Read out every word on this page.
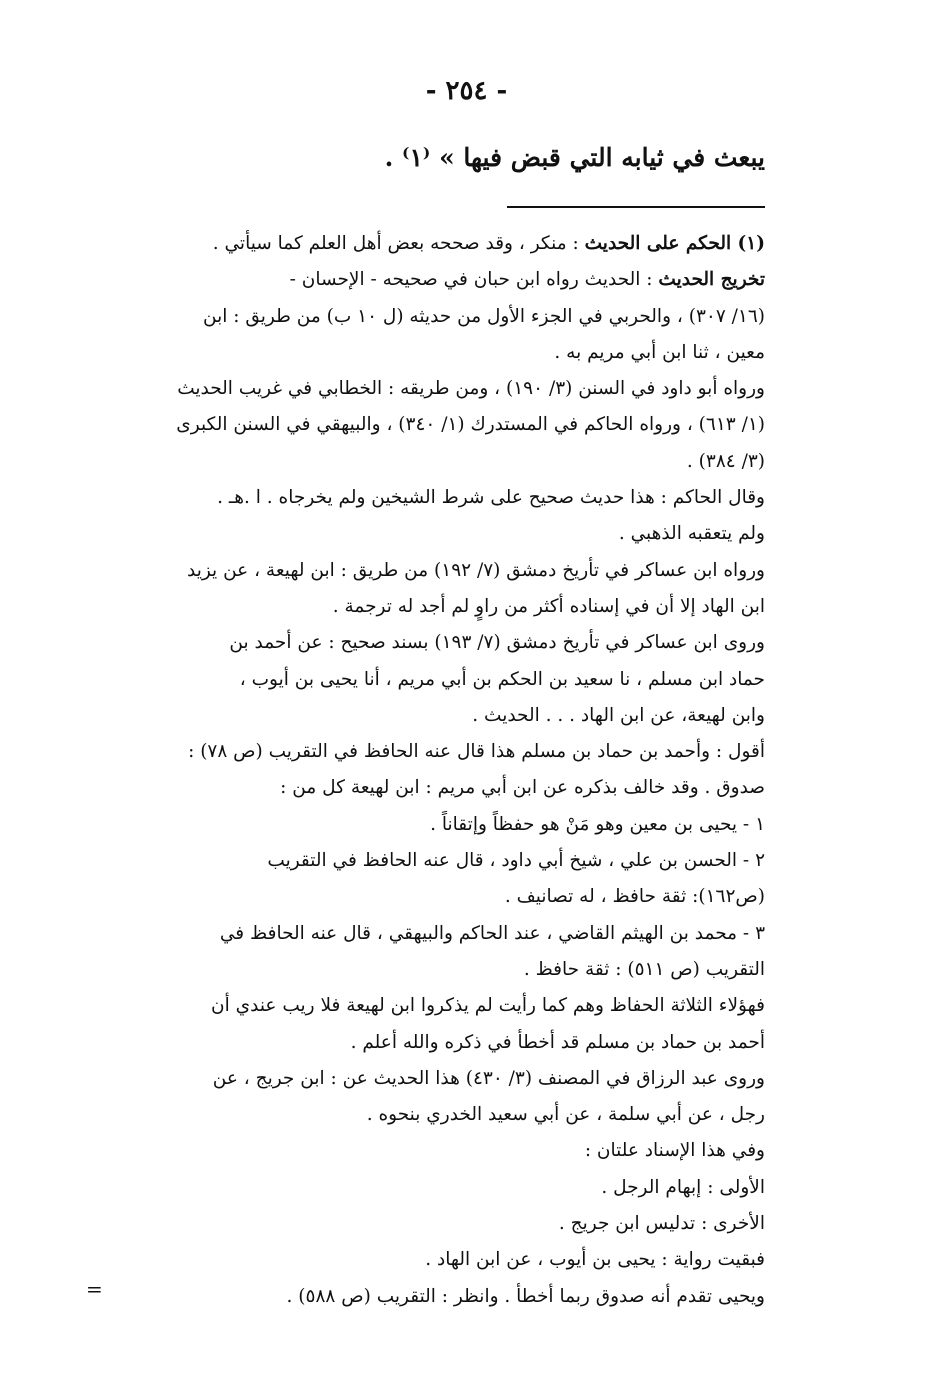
- ٢٥٤ -
يبعث في ثيابه التي قبض فيها » ⁽١⁾ .
(١) الحكم على الحديث : منكر ، وقد صححه بعض أهل العلم كما سيأتي .
تخريج الحديث : الحديث رواه ابن حبان في صحيحه - الإحسان -
(١٦/ ٣٠٧) ، والحربي في الجزء الأول من حديثه (ل ١٠ ب) من طريق : ابن
معين ، ثنا ابن أبي مريم به .
ورواه أبو داود في السنن (٣/ ١٩٠) ، ومن طريقه : الخطابي في غريب الحديث
(١/ ٦١٣) ، ورواه الحاكم في المستدرك (١/ ٣٤٠) ، والبيهقي في السنن الكبرى
(٣/ ٣٨٤) .
وقال الحاكم : هذا حديث صحيح على شرط الشيخين ولم يخرجاه . ا .هـ .
ولم يتعقبه الذهبي .
ورواه ابن عساكر في تأريخ دمشق (٧/ ١٩٢) من طريق : ابن لهيعة ، عن يزيد
ابن الهاد إلا أن في إسناده أكثر من راوٍ لم أجد له ترجمة .
وروى ابن عساكر في تأريخ دمشق (٧/ ١٩٣) بسند صحيح : عن أحمد بن
حماد ابن مسلم ، نا سعيد بن الحكم بن أبي مريم ، أنا يحيى بن أيوب ،
وابن لهيعة، عن ابن الهاد . . . الحديث .
أقول : وأحمد بن حماد بن مسلم هذا قال عنه الحافظ في التقريب (ص ٧٨) :
صدوق . وقد خالف بذكره عن ابن أبي مريم : ابن لهيعة كل من :
١ - يحيى بن معين وهو مَنْ هو حفظاً وإتقاناً .
٢ - الحسن بن علي ، شيخ أبي داود ، قال عنه الحافظ في التقريب
(ص١٦٢): ثقة حافظ ، له تصانيف .
٣ - محمد بن الهيثم القاضي ، عند الحاكم والبيهقي ، قال عنه الحافظ في
التقريب (ص ٥١١) : ثقة حافظ .
فهؤلاء الثلاثة الحفاظ وهم كما رأيت لم يذكروا ابن لهيعة فلا ريب عندي أن
أحمد بن حماد بن مسلم قد أخطأ في ذكره والله أعلم .
وروى عبد الرزاق في المصنف (٣/ ٤٣٠) هذا الحديث عن : ابن جريج ، عن
رجل ، عن أبي سلمة ، عن أبي سعيد الخدري بنحوه .
وفي هذا الإسناد علتان :
الأولى : إبهام الرجل .
الأخرى : تدليس ابن جريج .
فبقيت رواية : يحيى بن أيوب ، عن ابن الهاد .
ويحيى تقدم أنه صدوق ربما أخطأ . وانظر : التقريب (ص ٥٨٨) .
=
